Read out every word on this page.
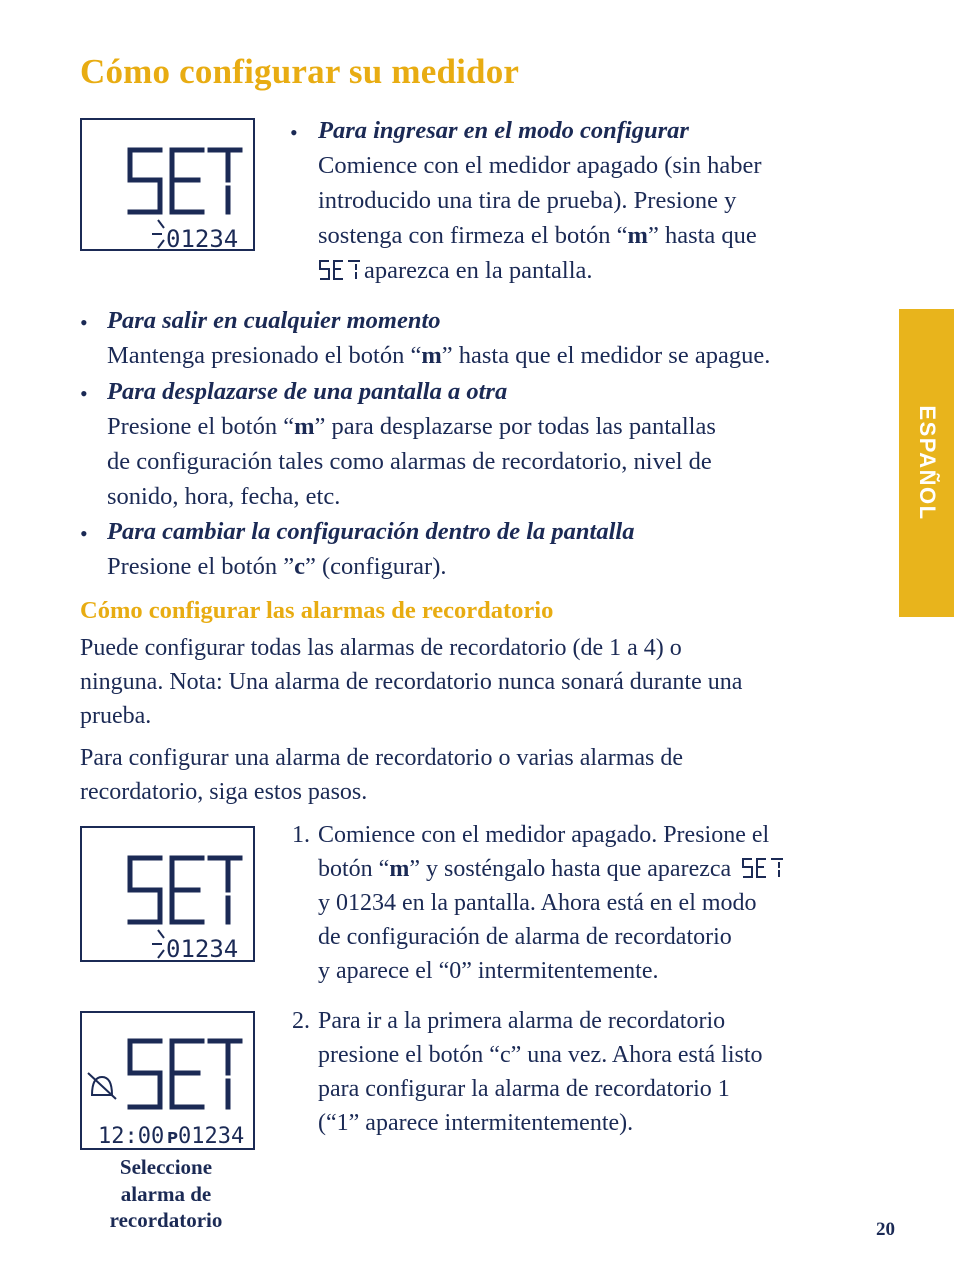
Cómo configurar su medidor
01234
• Para ingresar en el modo configurar
Comience con el medidor apagado (sin haber
introducido una tira de prueba). Presione y
sostenga con firmeza el botón “m” hasta que
aparezca en la pantalla.
• Para salir en cualquier momento
Mantenga presionado el botón “m” hasta que el medidor se apague.
• Para desplazarse de una pantalla a otra
Presione el botón “m” para desplazarse por todas las pantallas
de configuración tales como alarmas de recordatorio, nivel de
sonido, hora, fecha, etc.
• Para cambiar la configuración dentro de la pantalla
Presione el botón ”c” (configurar).
ESPAÑOL
Cómo configurar las alarmas de recordatorio
Puede configurar todas las alarmas de recordatorio (de 1 a 4) o
ninguna. Nota: Una alarma de recordatorio nunca sonará durante una
prueba.
Para configurar una alarma de recordatorio o varias alarmas de
recordatorio, siga estos pasos.
01234
1. Comience con el medidor apagado. Presione el
botón “m” y sosténgalo hasta que aparezca
y 01234 en la pantalla. Ahora está en el modo
de configuración de alarma de recordatorio
y aparece el “0” intermitentemente.
12:00 P 01234
2. Para ir a la primera alarma de recordatorio
presione el botón “c” una vez. Ahora está listo
para configurar la alarma de recordatorio 1
(“1” aparece intermitentemente).
Seleccione
alarma de
recordatorio	20
